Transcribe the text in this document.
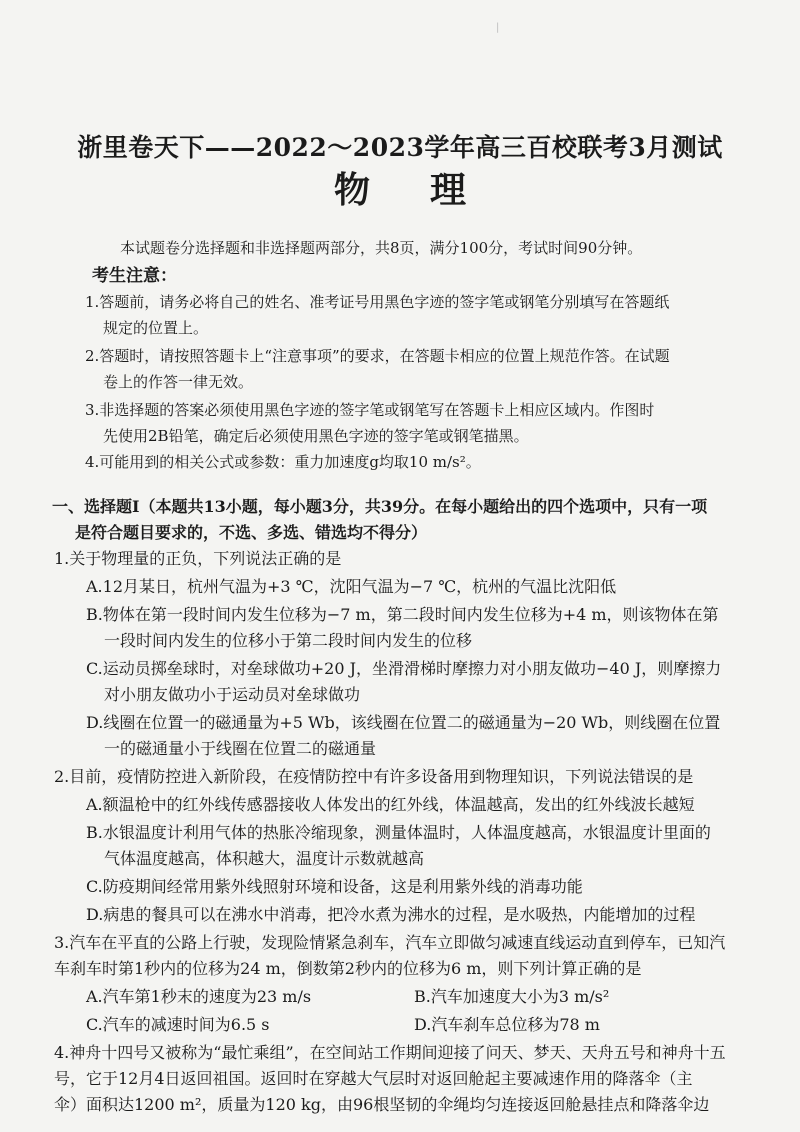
|
浙里卷天下——2022～2023学年高三百校联考3月测试
物 理
本试题卷分选择题和非选择题两部分，共8页，满分100分，考试时间90分钟。
考生注意：
1.答题前，请务必将自己的姓名、准考证号用黑色字迹的签字笔或钢笔分别填写在答题纸
规定的位置上。
2.答题时，请按照答题卡上“注意事项”的要求，在答题卡相应的位置上规范作答。在试题
卷上的作答一律无效。
3.非选择题的答案必须使用黑色字迹的签字笔或钢笔写在答题卡上相应区域内。作图时
先使用2B铅笔，确定后必须使用黑色字迹的签字笔或钢笔描黑。
4.可能用到的相关公式或参数：重力加速度g均取10 m/s²。
一、选择题Ⅰ（本题共13小题，每小题3分，共39分。在每小题给出的四个选项中，只有一项
是符合题目要求的，不选、多选、错选均不得分）
1.关于物理量的正负，下列说法正确的是
A.12月某日，杭州气温为+3 ℃，沈阳气温为−7 ℃，杭州的气温比沈阳低
B.物体在第一段时间内发生位移为−7 m，第二段时间内发生位移为+4 m，则该物体在第
一段时间内发生的位移小于第二段时间内发生的位移
C.运动员掷垒球时，对垒球做功+20 J，坐滑滑梯时摩擦力对小朋友做功−40 J，则摩擦力
对小朋友做功小于运动员对垒球做功
D.线圈在位置一的磁通量为+5 Wb，该线圈在位置二的磁通量为−20 Wb，则线圈在位置
一的磁通量小于线圈在位置二的磁通量
2.目前，疫情防控进入新阶段，在疫情防控中有许多设备用到物理知识，下列说法错误的是
A.额温枪中的红外线传感器接收人体发出的红外线，体温越高，发出的红外线波长越短
B.水银温度计利用气体的热胀冷缩现象，测量体温时，人体温度越高，水银温度计里面的
气体温度越高，体积越大，温度计示数就越高
C.防疫期间经常用紫外线照射环境和设备，这是利用紫外线的消毒功能
D.病患的餐具可以在沸水中消毒，把冷水煮为沸水的过程，是水吸热，内能增加的过程
3.汽车在平直的公路上行驶，发现险情紧急刹车，汽车立即做匀减速直线运动直到停车，已知汽
车刹车时第1秒内的位移为24 m，倒数第2秒内的位移为6 m，则下列计算正确的是
A.汽车第1秒末的速度为23 m/s	B.汽车加速度大小为3 m/s²
C.汽车的减速时间为6.5 s	D.汽车刹车总位移为78 m
4.神舟十四号又被称为“最忙乘组”，在空间站工作期间迎接了问天、梦天、天舟五号和神舟十五
号，它于12月4日返回祖国。返回时在穿越大气层时对返回舱起主要减速作用的降落伞（主
伞）面积达1200 m²，质量为120 kg，由96根坚韧的伞绳均匀连接返回舱悬挂点和降落伞边
